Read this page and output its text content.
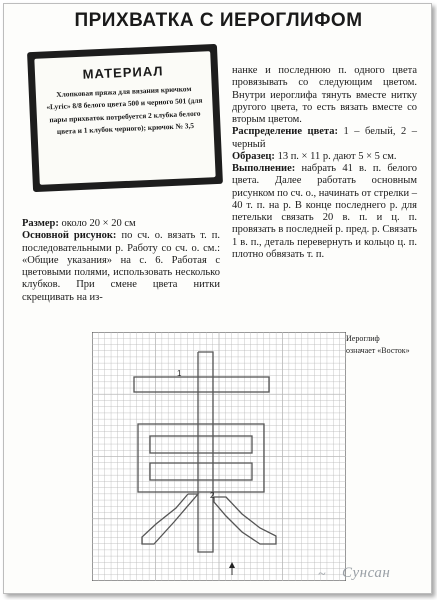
ПРИХВАТКА С ИЕРОГЛИФОМ
МАТЕРИАЛ
Хлопковая пряжа для вязания крючком «Lyric» 8/8 белого цвета 500 и черного 501 (для пары прихваток потребуется 2 клубка белого цвета и 1 клубок черного); крючок № 3,5
Размер: около 20 × 20 см
Основной рисунок: по сч. о. вязать т. п. последовательными р. Работу со сч. о. см.: «Общие указания» на с. 6. Работая с цветовыми полями, использовать несколько клубков. При смене цвета нитки скрещивать на из-
нанке и последнюю п. одного цвета провязывать со следующим цветом. Внутри иероглифа тянуть вместе нитку другого цвета, то есть вязать вместе со вторым цветом.
Распределение цвета: 1 – белый, 2 – черный
Образец: 13 п. × 11 р. дают 5 × 5 см.
Выполнение: набрать 41 в. п. белого цвета. Далее работать основным рисунком по сч. о., начинать от стрелки – 40 т. п. на р. В конце последнего р. для петельки связать 20 в. п. и ц. п. провязать в последней р. пред. р. Связать 1 в. п., деталь перевернуть и кольцо ц. п. плотно обвязать т. п.
1
2
Иероглиф
означает «Восток»
~ Сунсан
